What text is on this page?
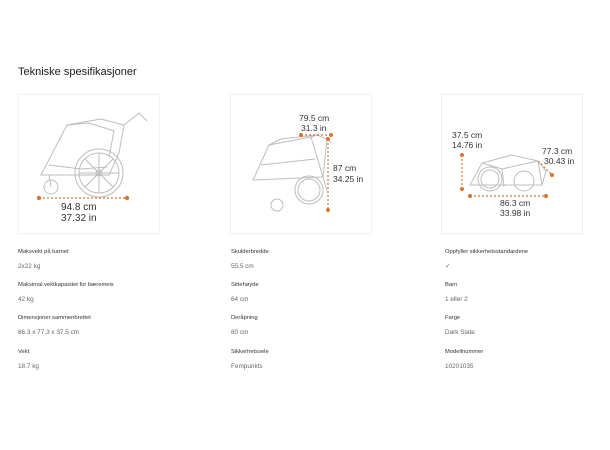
Tekniske spesifikasjoner
94.8 cm
37.32 in
79.5 cm
31.3 in
87 cm
34.25 in
37.5 cm
14.76 in
77.3 cm
30.43 in
86.3 cm
33.98 in
Maksvekt på barnet
2x22 kg
Skulderbredde
55.5 cm
Oppfyller sikkerhetsstandardene
✓
Maksimal vektkapasitet for bæremeis
42 kg
Sittehøyde
64 cm
Barn
1 eller 2
Dimensjoner sammenbrettet
86.3 x 77.3 x 37.5 cm
Deråpning
80 cm
Farge
Dark Slate
Vekt
18.7 kg
Sikkerhetssele
Fempunkts
Modellnummer
10201035
